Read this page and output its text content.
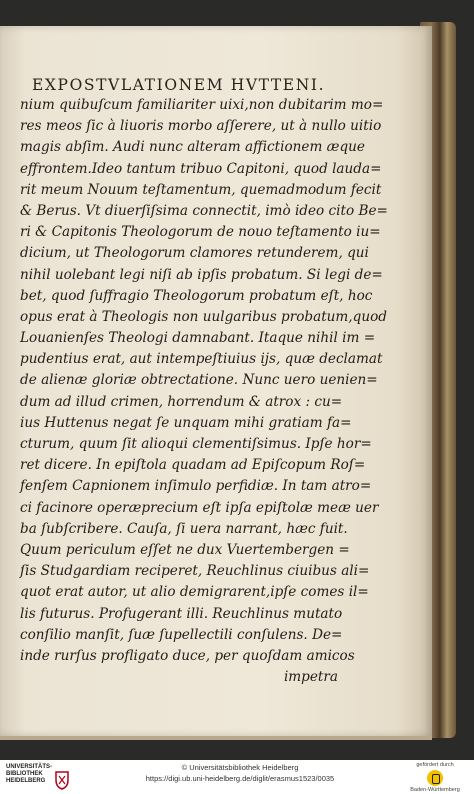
EXPOSTVLATIONEM HVTTENI.
nium quibuſcum familiariter uixi,non dubitarim mo=
res meos ſic à liuoris morbo aſſerere, ut à nullo uitio
magis abſim. Audi nunc alteram affictionem æque
effrontem.Ideo tantum tribuo Capitoni, quod lauda=
rit meum Nouum teſtamentum, quemadmodum fecit
& Berus. Vt diuerſiſsima connectit, imò ideo cito Be=
ri & Capitonis Theologorum de nouo teſtamento iu=
dicium, ut Theologorum clamores retunderem, qui
nihil uolebant legi niſi ab ipſis probatum. Si legi de=
bet, quod ſuffragio Theologorum probatum eſt, hoc
opus erat à Theologis non uulgaribus probatum,quod
Louanienſes Theologi damnabant. Itaque nihil im =
pudentius erat, aut intempeſtiuius ijs, quæ declamat
de alienæ gloriæ obtrectatione. Nunc uero uenien=
dum ad illud crimen, horrendum & atrox : cu=
ius Huttenus negat ſe unquam mihi gratiam fa=
cturum, quum ſit alioqui clementiſsimus. Ipſe hor=
ret dicere. In epiſtola quadam ad Epiſcopum Roſ=
fenſem Capnionem inſimulo perfidiæ. In tam atro=
ci facinore operæprecium eſt ipſa epiſtolæ meæ uer
ba ſubſcribere. Cauſa, ſi uera narrant, hæc fuit.
Quum periculum eſſet ne dux Vuertembergen =
ſis Studgardiam reciperet, Reuchlinus ciuibus ali=
quot erat autor, ut alio demigrarent,ipſe comes il=
lis futurus. Profugerant illi. Reuchlinus mutato
conſilio manſit, ſuæ ſupellectili conſulens. De=
inde rurſus profligato duce, per quoſdam amicos
impetra
UNIVERSITÄTS-
BIBLIOTHEK
HEIDELBERG
© Universitätsbibliothek Heidelberg
https://digi.ub.uni-heidelberg.de/diglit/erasmus1523/0035
gefördert durch
Baden-Württemberg
